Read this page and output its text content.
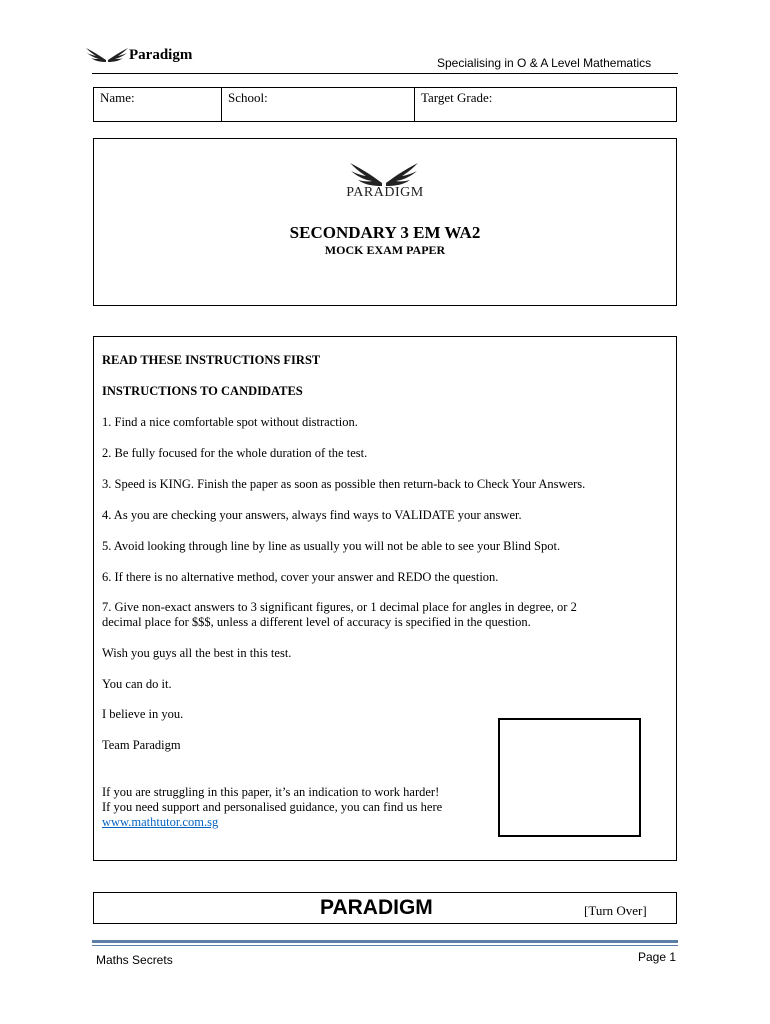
Paradigm	Specialising in O & A Level Mathematics
Name:	School:	Target Grade:
PARADIGM
SECONDARY 3 EM WA2
MOCK EXAM PAPER
READ THESE INSTRUCTIONS FIRST
INSTRUCTIONS TO CANDIDATES
1. Find a nice comfortable spot without distraction.
2. Be fully focused for the whole duration of the test.
3. Speed is KING. Finish the paper as soon as possible then return-back to Check Your Answers.
4. As you are checking your answers, always find ways to VALIDATE your answer.
5. Avoid looking through line by line as usually you will not be able to see your Blind Spot.
6. If there is no alternative method, cover your answer and REDO the question.
7. Give non-exact answers to 3 significant figures, or 1 decimal place for angles in degree, or 2
decimal place for $$$, unless a different level of accuracy is specified in the question.
Wish you guys all the best in this test.
You can do it.
I believe in you.
Team Paradigm
If you are struggling in this paper, it’s an indication to work harder!
If you need support and personalised guidance, you can find us here
www.mathtutor.com.sg
PARADIGM	[Turn Over]
Maths Secrets	Page 1
